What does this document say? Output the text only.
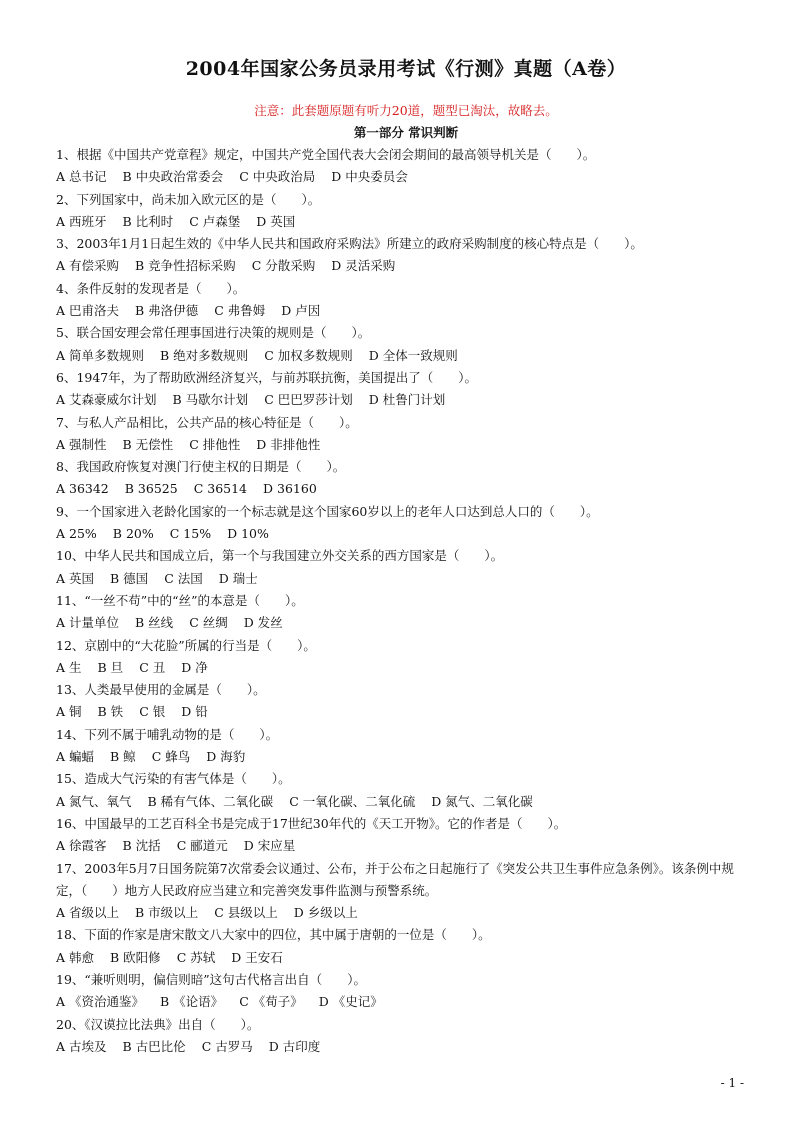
2004年国家公务员录用考试《行测》真题（A卷）

注意：此套题原题有听力20道，题型已淘汰，故略去。

第一部分 常识判断

1、根据《中国共产党章程》规定，中国共产党全国代表大会闭会期间的最高领导机关是（　　）。

A 总书记 B 中央政治常委会 C 中央政治局 D 中央委员会

2、下列国家中，尚未加入欧元区的是（　　）。

A 西班牙 B 比利时 C 卢森堡 D 英国

3、2003年1月1日起生效的《中华人民共和国政府采购法》所建立的政府采购制度的核心特点是（　　）。

A 有偿采购 B 竞争性招标采购 C 分散采购 D 灵活采购

4、条件反射的发现者是（　　）。

A 巴甫洛夫 B 弗洛伊德 C 弗鲁姆 D 卢因

5、联合国安理会常任理事国进行决策的规则是（　　）。

A 简单多数规则 B 绝对多数规则 C 加权多数规则 D 全体一致规则

6、1947年，为了帮助欧洲经济复兴，与前苏联抗衡，美国提出了（　　）。

A 艾森豪威尔计划 B 马歇尔计划 C 巴巴罗莎计划 D 杜鲁门计划

7、与私人产品相比，公共产品的核心特征是（　　）。

A 强制性 B 无偿性 C 排他性 D 非排他性

8、我国政府恢复对澳门行使主权的日期是（　　）。

A 36342 B 36525 C 36514 D 36160

9、一个国家进入老龄化国家的一个标志就是这个国家60岁以上的老年人口达到总人口的（　　）。

A 25% B 20% C 15% D 10%

10、中华人民共和国成立后，第一个与我国建立外交关系的西方国家是（　　）。

A 英国 B 德国 C 法国 D 瑞士

11、“一丝不苟”中的“丝”的本意是（　　）。

A 计量单位 B 丝线 C 丝绸 D 发丝

12、京剧中的“大花脸”所属的行当是（　　）。

A 生 B 旦 C 丑 D 净

13、人类最早使用的金属是（　　）。

A 铜 B 铁 C 银 D 铅

14、下列不属于哺乳动物的是（　　）。

A 蝙蝠 B 鲸 C 蜂鸟 D 海豹

15、造成大气污染的有害气体是（　　）。

A 氮气、氧气 B 稀有气体、二氧化碳 C 一氧化碳、二氧化硫 D 氮气、二氧化碳

16、中国最早的工艺百科全书是完成于17世纪30年代的《天工开物》。它的作者是（　　）。

A 徐霞客 B 沈括 C 郦道元 D 宋应星

17、2003年5月7日国务院第7次常委会议通过、公布，并于公布之日起施行了《突发公共卫生事件应急条例》。该条例中规定，（　　）地方人民政府应当建立和完善突发事件监测与预警系统。

A 省级以上 B 市级以上 C 县级以上 D 乡级以上

18、下面的作家是唐宋散文八大家中的四位，其中属于唐朝的一位是（　　）。

A 韩愈 B 欧阳修 C 苏轼 D 王安石

19、“兼听则明，偏信则暗”这句古代格言出自（　　）。

A 《资治通鉴》 B 《论语》 C 《荀子》 D 《史记》

20、《汉谟拉比法典》出自（　　）。

A 古埃及 B 古巴比伦 C 古罗马 D 古印度

- 1 -
